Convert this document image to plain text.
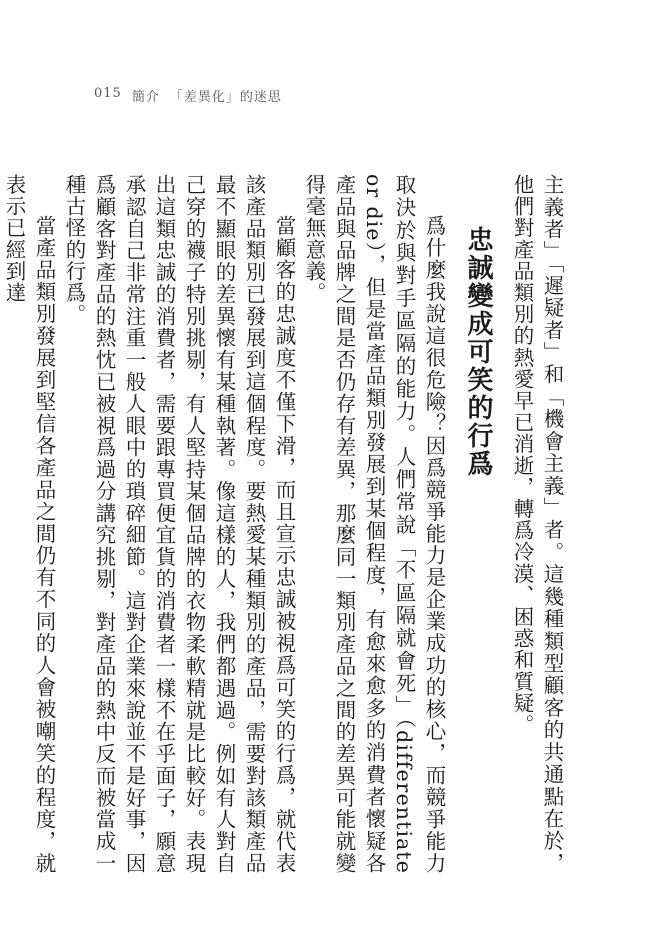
015 簡介 「差異化」的迷思

主義者」「遲疑者」和「機會主義」者。這幾種類型顧客的共通點在於，他們對產品類別的熱愛早已消逝，轉爲冷漠、困惑和質疑。

忠誠變成可笑的行爲

爲什麼我說這很危險？因爲競爭能力是企業成功的核心，而競爭能力取決於與對手區隔的能力。人們常說「不區隔就會死」（differentiate or die），但是當產品類別發展到某個程度，有愈來愈多的消費者懷疑各產品與品牌之間是否仍存有差異，那麼同一類別產品之間的差異可能就變得毫無意義。

當顧客的忠誠度不僅下滑，而且宣示忠誠被視爲可笑的行爲，就代表該產品類別已發展到這個程度。要熱愛某種類別的產品，需要對該類產品最不顯眼的差異懷有某種執著。像這樣的人，我們都遇過。例如有人對自己穿的襪子特別挑剔，有人堅持某個品牌的衣物柔軟精就是比較好。表現出這類忠誠的消費者，需要跟專買便宜貨的消費者一樣不在乎面子，願意承認自己非常注重一般人眼中的瑣碎細節。這對企業來說並不是好事，因爲顧客對產品的熱忱已被視爲過分講究挑剔，對產品的熱中反而被當成一種古怪的行爲。

當產品類別發展到堅信各產品之間仍有不同的人會被嘲笑的程度，就表示已經到達
